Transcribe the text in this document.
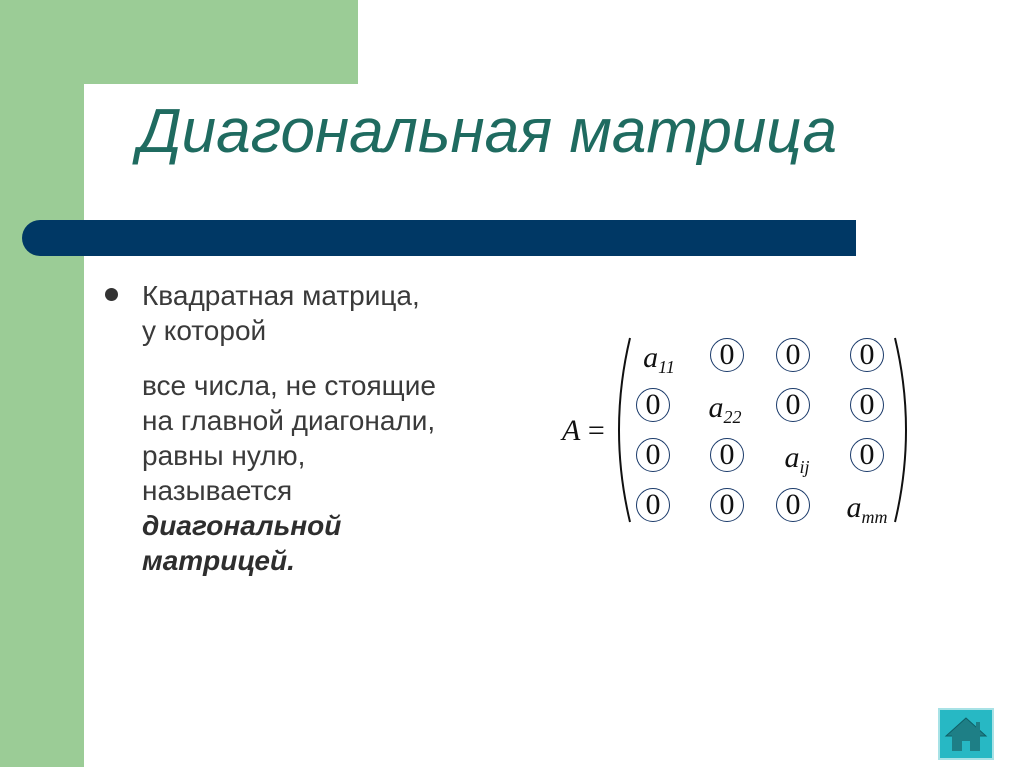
Диагональная матрица
Квадратная матрица,
у которой
все числа, не стоящие
на главной диагонали,
равны нулю,
называется
диагональной
матрицей.
A =
$a_{11}$	0	0	0
0	$a_{22}$	0	0
0	0	$a_{ij}$	0
0	0	0	$a_{mm}$
